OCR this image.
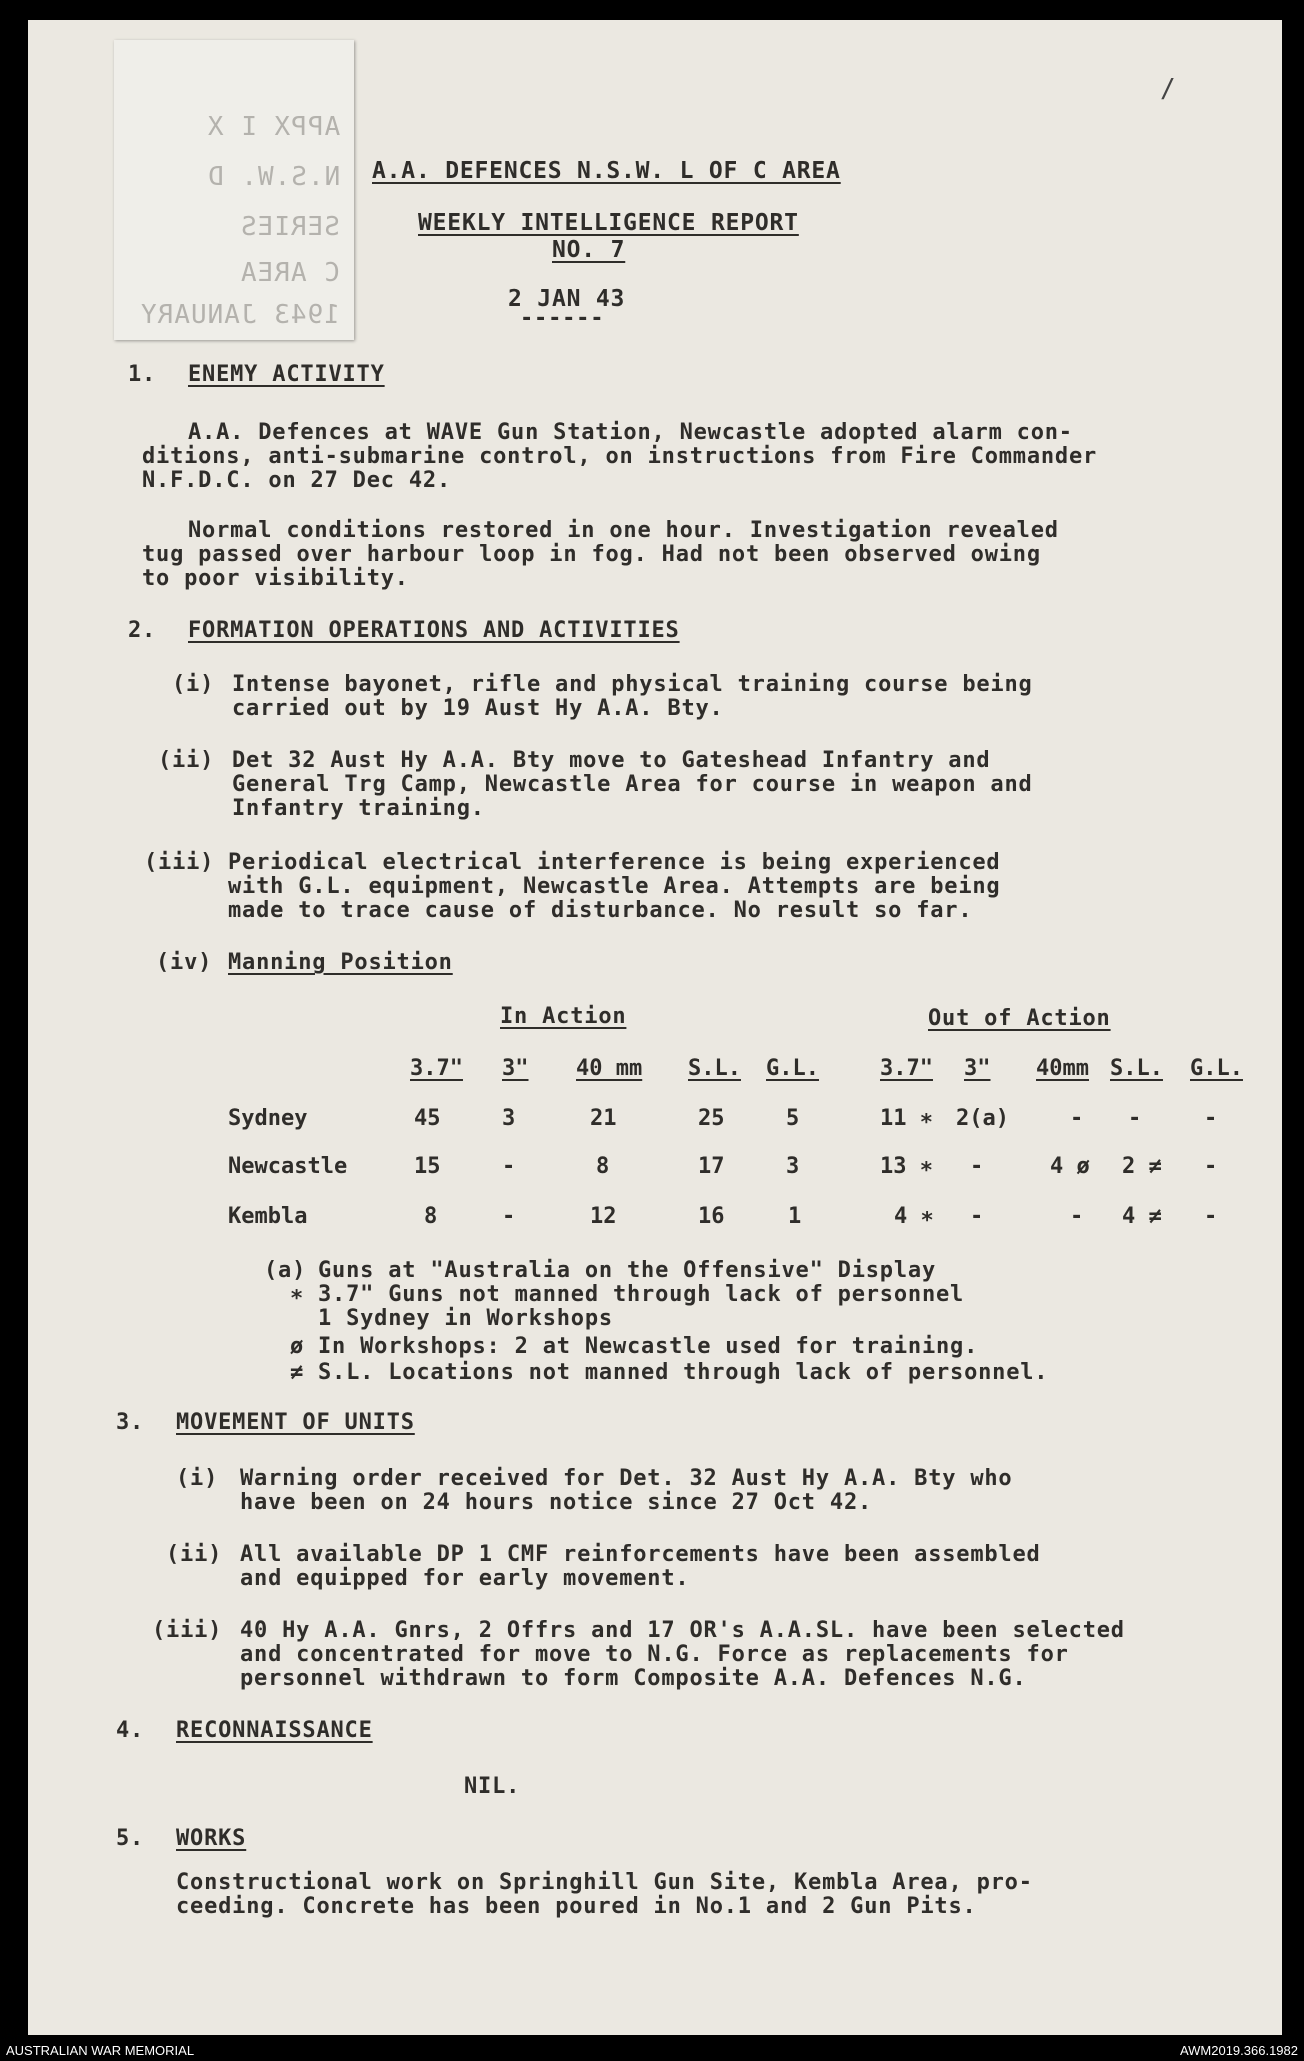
APPX I X
N.S.W. D
SERIES
C AREA
1943 JANUARY
/
A.A. DEFENCES N.S.W. L OF C AREA
WEEKLY INTELLIGENCE REPORT
NO. 7
2 JAN 43
------
1. ENEMY ACTIVITY
A.A. Defences at WAVE Gun Station, Newcastle adopted alarm con-
ditions, anti-submarine control, on instructions from Fire Commander
N.F.D.C. on 27 Dec 42.
Normal conditions restored in one hour. Investigation revealed
tug passed over harbour loop in fog. Had not been observed owing
to poor visibility.
2. FORMATION OPERATIONS AND ACTIVITIES
(i) Intense bayonet, rifle and physical training course being
carried out by 19 Aust Hy A.A. Bty.
(ii) Det 32 Aust Hy A.A. Bty move to Gateshead Infantry and
General Trg Camp, Newcastle Area for course in weapon and
Infantry training.
(iii) Periodical electrical interference is being experienced
with G.L. equipment, Newcastle Area. Attempts are being
made to trace cause of disturbance. No result so far.
(iv) Manning Position
In Action	Out of Action
3.7" 3" 40 mm S.L. G.L.	3.7" 3" 40mm S.L. G.L.
Sydney	45	3	21	25	5	11 ∗ 2(a)	- -	-
Newcastle	15	-	8	17	3	13 ∗ -	4 ø 2 ≠ -
Kembla	8	-	12	16	1	4 ∗ -	- 4 ≠ -
(a) Guns at "Australia on the Offensive" Display
∗ 3.7" Guns not manned through lack of personnel
1 Sydney in Workshops
ø In Workshops: 2 at Newcastle used for training.
≠ S.L. Locations not manned through lack of personnel.
3. MOVEMENT OF UNITS
(i) Warning order received for Det. 32 Aust Hy A.A. Bty who
have been on 24 hours notice since 27 Oct 42.
(ii) All available DP 1 CMF reinforcements have been assembled
and equipped for early movement.
(iii) 40 Hy A.A. Gnrs, 2 Offrs and 17 OR's A.A.SL. have been selected
and concentrated for move to N.G. Force as replacements for
personnel withdrawn to form Composite A.A. Defences N.G.
4. RECONNAISSANCE
NIL.
5. WORKS
Constructional work on Springhill Gun Site, Kembla Area, pro-
ceeding. Concrete has been poured in No.1 and 2 Gun Pits.
AUSTRALIAN WAR MEMORIAL	AWM2019.366.1982
